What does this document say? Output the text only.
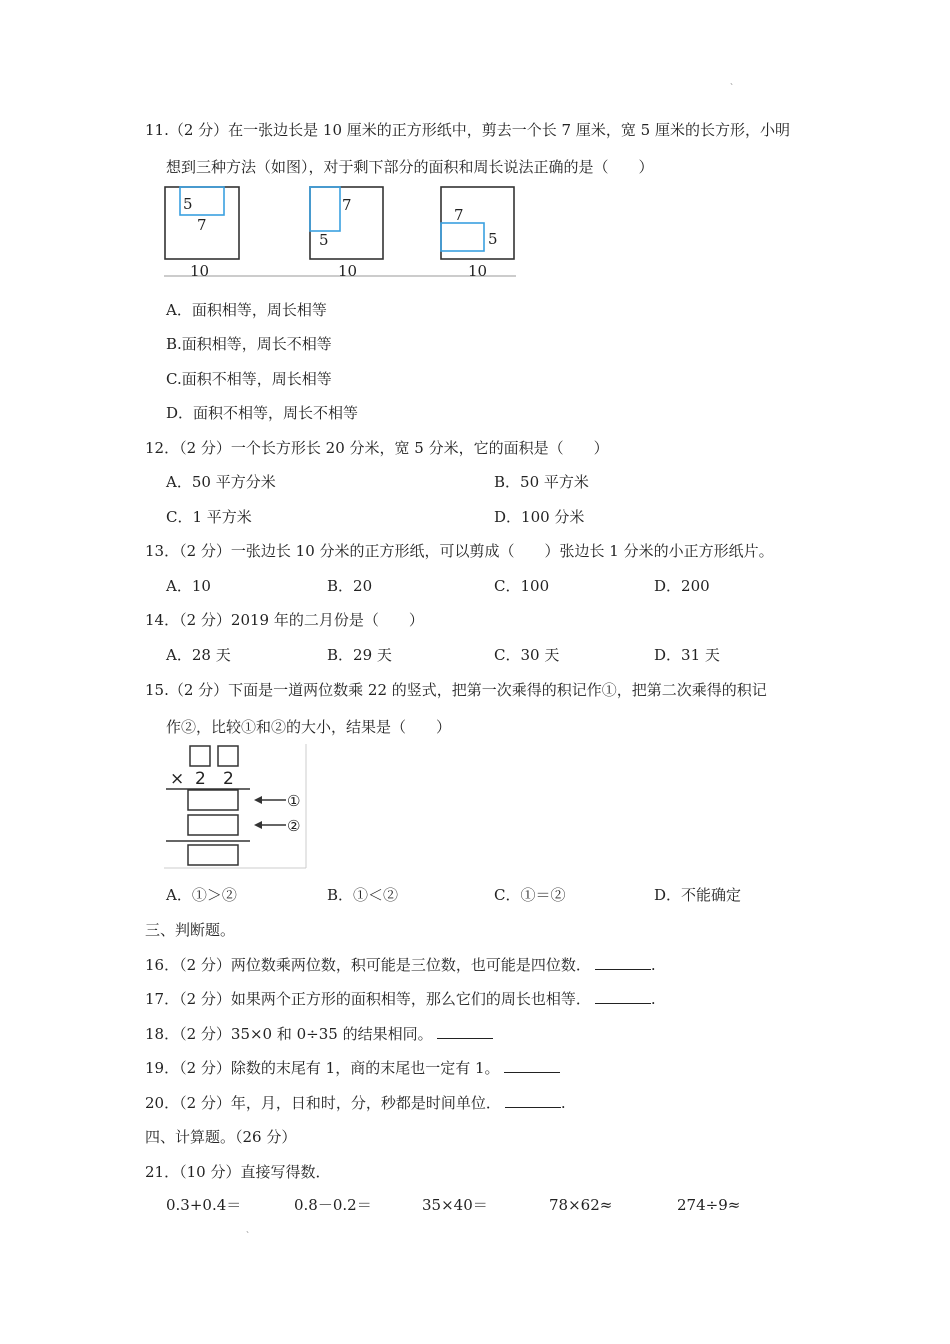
、
11.（2 分）在一张边长是 10 厘米的正方形纸中，剪去一个长 7 厘米，宽 5 厘米的长方形，小明
想到三种方法（如图），对于剩下部分的面积和周长说法正确的是（　　）
5
7
7
5
7
5
10	10	10
A．面积相等，周长相等
B.面积相等，周长不相等
C.面积不相等，周长相等
D．面积不相等，周长不相等
12．（2 分）一个长方形长 20 分米，宽 5 分米，它的面积是（　　）
A．50 平方分米	B．50 平方米
C．1 平方米	D．100 分米
13．（2 分）一张边长 10 分米的正方形纸，可以剪成（　　）张边长 1 分米的小正方形纸片。
A．10	B．20	C．100	D．200
14．（2 分）2019 年的二月份是（　　）
A．28 天	B．29 天	C．30 天	D．31 天
15.（2 分）下面是一道两位数乘 22 的竖式，把第一次乘得的积记作①，把第二次乘得的积记
作②，比较①和②的大小，结果是（　　）
× 2 2
①
②
A．①＞②	B．①＜②	C．①＝②	D．不能确定
三、判断题。
16．（2 分）两位数乘两位数，积可能是三位数，也可能是四位数．	.
17．（2 分）如果两个正方形的面积相等，那么它们的周长也相等．	.
18．（2 分）35×0 和 0÷35 的结果相同。
19．（2 分）除数的末尾有 1，商的末尾也一定有 1。
20．（2 分）年，月，日和时，分，秒都是时间单位．	.
四、计算题。（26 分）
21．（10 分）直接写得数．
0.3+0.4＝	0.8－0.2＝	35×40＝	78×62≈	274÷9≈
、
